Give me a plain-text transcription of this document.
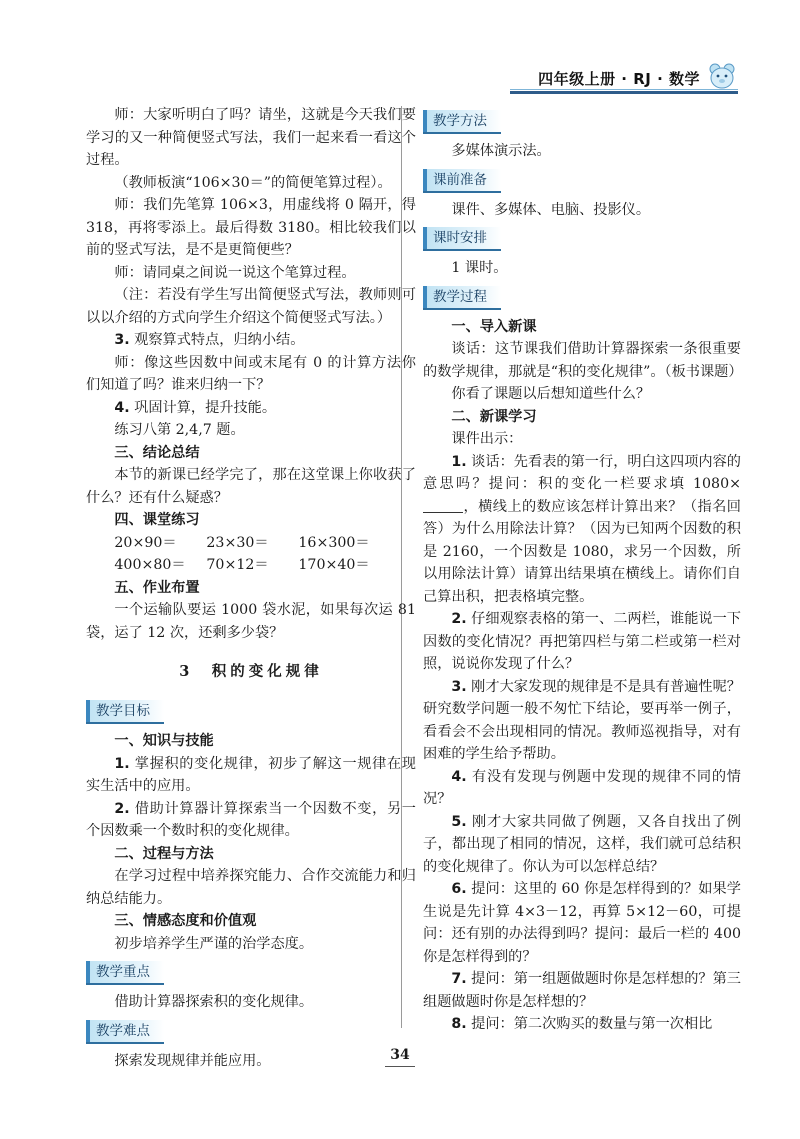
四年级上册 · RJ · 数学

师：大家听明白了吗？请坐，这就是今天我们要学习的又一种简便竖式写法，我们一起来看一看这个过程。

（教师板演“106×30＝”的简便笔算过程）。

师：我们先笔算 106×3，用虚线将 0 隔开，得 318，再将零添上。最后得数 3180。相比较我们以前的竖式写法，是不是更简便些？

师：请同桌之间说一说这个笔算过程。

（注：若没有学生写出简便竖式写法，教师则可以以介绍的方式向学生介绍这个简便竖式写法。）

3. 观察算式特点，归纳小结。

师：像这些因数中间或末尾有 0 的计算方法你们知道了吗？谁来归纳一下？

4. 巩固计算，提升技能。

练习八第 2,4,7 题。

三、结论总结

本节的新课已经学完了，那在这堂课上你收获了什么？还有什么疑惑？

四、课堂练习

20×90＝	23×30＝	16×300＝
400×80＝	70×12＝	170×40＝

五、作业布置

一个运输队要运 1000 袋水泥，如果每次运 81 袋，运了 12 次，还剩多少袋？

3　积的变化规律
教学目标

一、知识与技能

1. 掌握积的变化规律，初步了解这一规律在现实生活中的应用。

2. 借助计算器计算探索当一个因数不变，另一个因数乘一个数时积的变化规律。

二、过程与方法

在学习过程中培养探究能力、合作交流能力和归纳总结能力。

三、情感态度和价值观

初步培养学生严谨的治学态度。

教学重点

借助计算器探索积的变化规律。

教学难点

探索发现规律并能应用。

教学方法

多媒体演示法。

课前准备

课件、多媒体、电脑、投影仪。

课时安排

1 课时。

教学过程

一、导入新课

谈话：这节课我们借助计算器探索一条很重要的数学规律，那就是“积的变化规律”。（板书课题）

你看了课题以后想知道些什么？

二、新课学习

课件出示：

1. 谈话：先看表的第一行，明白这四项内容的意思吗？提问：积的变化一栏要求填 1080×，横线上的数应该怎样计算出来？（指名回答）为什么用除法计算？（因为已知两个因数的积是 2160，一个因数是 1080，求另一个因数，所以用除法计算）请算出结果填在横线上。请你们自己算出积，把表格填完整。

2. 仔细观察表格的第一、二两栏，谁能说一下因数的变化情况？再把第四栏与第二栏或第一栏对照，说说你发现了什么？

3. 刚才大家发现的规律是不是具有普遍性呢？研究数学问题一般不匆忙下结论，要再举一例子，看看会不会出现相同的情况。教师巡视指导，对有困难的学生给予帮助。

4. 有没有发现与例题中发现的规律不同的情况？

5. 刚才大家共同做了例题，又各自找出了例子，都出现了相同的情况，这样，我们就可总结积的变化规律了。你认为可以怎样总结？

6. 提问：这里的 60 你是怎样得到的？如果学生说是先计算 4×3－12，再算 5×12－60，可提问：还有别的办法得到吗？提问：最后一栏的 400 你是怎样得到的？

7. 提问：第一组题做题时你是怎样想的？第三组题做题时你是怎样想的？

8. 提问：第二次购买的数量与第一次相比

34
